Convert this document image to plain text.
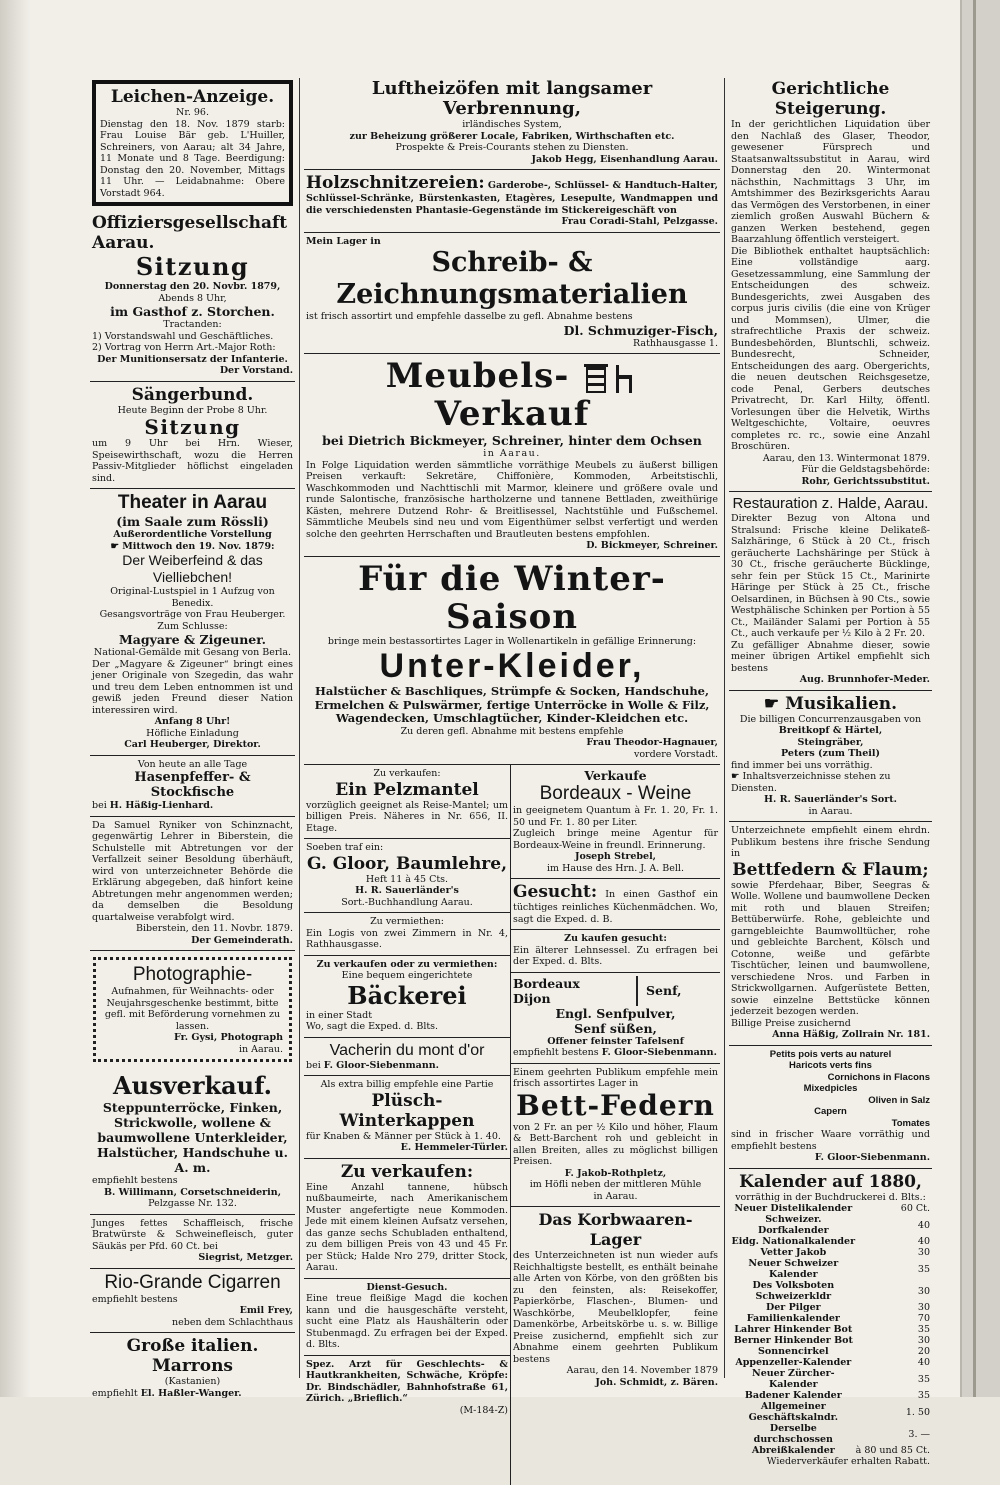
Leichen-Anzeige.

Nr. 96.

Dienstag den 18. Nov. 1879 starb: Frau Louise Bär geb. L'Huiller, Schreiners, von Aarau; alt 34 Jahre, 11 Monate und 8 Tage. Beerdigung: Donstag den 20. November, Mittags 11 Uhr. — Leidabnahme: Obere Vorstadt 964.

Offiziersgesellschaft Aarau.

Sitzung

Donnerstag den 20. Novbr. 1879,

Abends 8 Uhr,

im Gasthof z. Storchen.

Tractanden:

1) Vorstandswahl und Geschäftliches.

2) Vortrag von Herrn Art.-Major Roth:

Der Munitionsersatz der Infanterie.

Der Vorstand.

Sängerbund.

Heute Beginn der Probe 8 Uhr.

Sitzung

um 9 Uhr bei Hrn. Wieser, Speisewirthschaft, wozu die Herren Passiv-Mitglieder höflichst eingeladen sind.

Theater in Aarau

(im Saale zum Rössli)

Außerordentliche Vorstellung

☛ Mittwoch den 19. Nov. 1879:

Der Weiberfeind & das Vielliebchen!

Original-Lustspiel in 1 Aufzug von Benedix.

Gesangsvorträge von Frau Heuberger.

Zum Schlusse:

Magyare & Zigeuner.

National-Gemälde mit Gesang von Berla.

Der „Magyare & Zigeuner“ bringt eines jener Originale von Szegedin, das wahr und treu dem Leben entnommen ist und gewiß jeden Freund dieser Nation interessiren wird.

Anfang 8 Uhr!

Höfliche Einladung

Carl Heuberger, Direktor.

Von heute an alle Tage

Hasenpfeffer- & Stockfische

bei H. Häßig-Lienhard.

Da Samuel Ryniker von Schinznacht, gegenwärtig Lehrer in Biberstein, die Schulstelle mit Abtretungen vor der Verfallzeit seiner Besoldung überhäuft, wird von unterzeichneter Behörde die Erklärung abgegeben, daß hinfort keine Abtretungen mehr angenommen werden; da demselben die Besoldung quartalweise verabfolgt wird.

Biberstein, den 11. Novbr. 1879.

Der Gemeinderath.

Photographie-

Aufnahmen, für Weihnachts- oder Neujahrsgeschenke bestimmt, bitte gefl. mit Beförderung vornehmen zu lassen.

Fr. Gysi, Photograph

in Aarau.

Ausverkauf.

Steppunterröcke, Finken, Strickwolle, wollene & baumwollene Unterkleider, Halstücher, Handschuhe u. A. m.

empfiehlt bestens

B. Willimann, Corsetschneiderin,

Pelzgasse Nr. 132.

Junges fettes Schaffleisch, frische Bratwürste & Schweinefleisch, guter Säukäs per Pfd. 60 Ct. bei

Siegrist, Metzger.

Rio-Grande Cigarren

empfiehlt bestens

Emil Frey,

neben dem Schlachthaus

Große italien. Marrons

(Kastanien)

empfiehlt El. Haßler-Wanger.

Luftheizöfen mit langsamer Verbrennung,

irländisches System,

zur Beheizung größerer Locale, Fabriken, Wirthschaften etc.

Prospekte & Preis-Courants stehen zu Diensten.

Jakob Hegg, Eisenhandlung Aarau.

Holzschnitzereien: Garderobe-, Schlüssel- & Handtuch-Halter, Schlüssel-Schränke, Bürstenkasten, Etagères, Lesepulte, Wandmappen und die verschiedensten Phantasie-Gegenstände im Stickereigeschäft von

Frau Coradi-Stahl, Pelzgasse.

Mein Lager in

Schreib- & Zeichnungsmaterialien

ist frisch assortirt und empfehle dasselbe zu gefl. Abnahme bestens

Dl. Schmuziger-Fisch,

Rathhausgasse 1.

Meubels-  Verkauf

bei Dietrich Bickmeyer, Schreiner, hinter dem Ochsen

in Aarau.

In Folge Liquidation werden sämmtliche vorräthige Meubels zu äußerst billigen Preisen verkauft: Sekretäre, Chiffonière, Kommoden, Arbeitstischli, Waschkommoden und Nachttischli mit Marmor, kleinere und größere ovale und runde Salontische, französische hartholzerne und tannene Bettladen, zweithürige Kästen, mehrere Dutzend Rohr- & Breitlisessel, Nachtstühle und Fußschemel. Sämmtliche Meubels sind neu und vom Eigenthümer selbst verfertigt und werden solche den geehrten Herrschaften und Brautleuten bestens empfohlen.

D. Bickmeyer, Schreiner.

Für die Winter-Saison

bringe mein bestassortirtes Lager in Wollenartikeln in gefällige Erinnerung:

Unter-Kleider,

Halstücher & Baschliques, Strümpfe & Socken, Handschuhe, Ermelchen & Pulswärmer, fertige Unterröcke in Wolle & Filz, Wagendecken, Umschlagtücher, Kinder-Kleidchen etc.

Zu deren gefl. Abnahme mit bestens empfehle

Frau Theodor-Hagnauer,

vordere Vorstadt.

Zu verkaufen:

Ein Pelzmantel

vorzüglich geeignet als Reise-Mantel; um billigen Preis. Näheres in Nr. 656, II. Etage.

Soeben traf ein:

G. Gloor, Baumlehre,

Heft 11 à 45 Cts.

H. R. Sauerländer's

Sort.-Buchhandlung Aarau.

Zu vermiethen:

Ein Logis von zwei Zimmern in Nr. 4, Rathhausgasse.

Zu verkaufen oder zu vermiethen:

Eine bequem eingerichtete

Bäckerei

in einer Stadt

Wo, sagt die Exped. d. Blts.

Vacherin du mont d'or

bei F. Gloor-Siebenmann.

Als extra billig empfehle eine Partie

Plüsch-Winterkappen

für Knaben & Männer per Stück à 1. 40.

E. Hemmeler-Türler.

Zu verkaufen:

Eine Anzahl tannene, hübsch nußbaumeirte, nach Amerikanischem Muster angefertigte neue Kommoden. Jede mit einem kleinen Aufsatz versehen, das ganze sechs Schubladen enthaltend, zu dem billigen Preis von 43 und 45 Fr. per Stück; Halde Nro 279, dritter Stock, Aarau.

Dienst-Gesuch.

Eine treue fleißige Magd die kochen kann und die hausgeschäfte versteht, sucht eine Platz als Haushälterin oder Stubenmagd. Zu erfragen bei der Exped. d. Blts.

Spez. Arzt für Geschlechts- & Hautkrankheiten, Schwäche, Kröpfe: Dr. Bindschädler, Bahnhofstraße 61, Zürich. „Brieflich.“

(M-184-Z)

Verkaufe

Bordeaux - Weine

in geeignetem Quantum à Fr. 1. 20, Fr. 1. 50 und Fr. 1. 80 per Liter.

Zugleich bringe meine Agentur für Bordeaux-Weine in freundl. Erinnerung.

Joseph Strebel,

im Hause des Hrn. J. A. Bell.

Gesucht: In einen Gasthof ein tüchtiges reinliches Küchenmädchen. Wo, sagt die Exped. d. B.

Zu kaufen gesucht:

Ein älterer Lehnsessel. Zu erfragen bei der Exped. d. Blts.

Bordeaux

Dijon	Senf,

Engl. Senfpulver,

Senf süßen,

Offener feinster Tafelsenf

empfiehlt bestens F. Gloor-Siebenmann.

Einem geehrten Publikum empfehle mein frisch assortirtes Lager in

Bett-Federn

von 2 Fr. an per ½ Kilo und höher, Flaum & Bett-Barchent roh und gebleicht in allen Breiten, alles zu möglichst billigen Preisen.

F. Jakob-Rothpletz,

im Höfli neben der mittleren Mühle

in Aarau.

Das Korbwaaren-Lager

des Unterzeichneten ist nun wieder aufs Reichhaltigste bestellt, es enthält beinahe alle Arten von Körbe, von den größten bis zu den feinsten, als: Reisekoffer, Papierkörbe, Flaschen-, Blumen- und Waschkörbe, Meubelklopfer, feine Damenkörbe, Arbeitskörbe u. s. w. Billige Preise zusichernd, empfiehlt sich zur Abnahme einem geehrten Publikum bestens

Aarau, den 14. November 1879

Joh. Schmidt, z. Bären.

Gerichtliche Steigerung.

In der gerichtlichen Liquidation über den Nachlaß des Glaser, Theodor, gewesener Fürsprech und Staatsanwaltssubstitut in Aarau, wird Donnerstag den 20. Wintermonat nächsthin, Nachmittags 3 Uhr, im Amtshimmer des Bezirksgerichts Aarau das Vermögen des Verstorbenen, in einer ziemlich großen Auswahl Büchern & ganzen Werken bestehend, gegen Baarzahlung öffentlich versteigert.

Die Bibliothek enthaltet hauptsächlich: Eine vollständige aarg. Gesetzessammlung, eine Sammlung der Entscheidungen des schweiz. Bundesgerichts, zwei Ausgaben des corpus juris civilis (die eine von Krüger und Mommsen), Ulmer, die strafrechtliche Praxis der schweiz. Bundesbehörden, Bluntschli, schweiz. Bundesrecht, Schneider, Entscheidungen des aarg. Obergerichts, die neuen deutschen Reichsgesetze, code Penal, Gerbers deutsches Privatrecht, Dr. Karl Hilty, öffentl. Vorlesungen über die Helvetik, Wirths Weltgeschichte, Voltaire, oeuvres completes rc. rc., sowie eine Anzahl Broschüren.

Aarau, den 13. Wintermonat 1879.

Für die Geldstagsbehörde:

Rohr, Gerichtssubstitut.

Restauration z. Halde, Aarau.

Direkter Bezug von Altona und Stralsund: Frische kleine Delikateß-Salzhäringe, 6 Stück à 20 Ct., frisch geräucherte Lachshäringe per Stück à 30 Ct., frische geräucherte Bücklinge, sehr fein per Stück 15 Ct., Marinirte Häringe per Stück à 25 Ct., frische Oelsardinen, in Büchsen à 90 Cts., sowie Westphälische Schinken per Portion à 55 Ct., Mailänder Salami per Portion à 55 Ct., auch verkaufe per ½ Kilo à 2 Fr. 20.

Zu gefälliger Abnahme dieser, sowie meiner übrigen Artikel empfiehlt sich bestens

Aug. Brunnhofer-Meder.

☛ Musikalien.

Die billigen Concurrenzausgaben von

Breitkopf & Härtel,

Steingräber,

Peters (zum Theil)

find immer bei uns vorräthig.

☛ Inhaltsverzeichnisse stehen zu Diensten.

H. R. Sauerländer's Sort.

in Aarau.

Unterzeichnete empfiehlt einem ehrdn. Publikum bestens ihre frische Sendung in

Bettfedern & Flaum;

sowie Pferdehaar, Biber, Seegras & Wolle. Wollene und baumwollene Decken mit roth und blauen Streifen; Bettüberwürfe. Rohe, gebleichte und garngebleichte Baumwolltücher, rohe und gebleichte Barchent, Kölsch und Cotonne, weiße und gefärbte Tischtücher, leinen und baumwollene, verschiedene Nros. und Farben in Strickwollgarnen. Aufgerüstete Betten, sowie einzelne Bettstücke können jederzeit bezogen werden.

Billige Preise zusichernd

Anna Häßig, Zollrain Nr. 181.

Petits pois verts au naturel

Haricots verts fins

Cornichons in Flacons

Mixedpicles

Oliven in Salz

Capern

Tomates

sind in frischer Waare vorräthig und empfiehlt bestens

F. Gloor-Siebenmann.

Kalender auf 1880,

vorräthig in der Buchdruckerei d. Blts.:

Neuer Distelikalender	60 Ct.
Schweizer. Dorfkalender	40
Eidg. Nationalkalender	40
Vetter Jakob	30
Neuer Schweizer Kalender	35
Des Volksboten Schweizerkldr	30
Der Pilger	30
Familienkalender	70
Lahrer Hinkender Bot	35
Berner Hinkender Bot	30
Sonnencirkel	20
Appenzeller-Kalender	40
Neuer Zürcher-Kalender	35
Badener Kalender	35
Allgemeiner Geschäftskalndr.	1. 50
Derselbe durchschossen	3. —
Abreißkalender	à 80 und 85 Ct.

Wiederverkäufer erhalten Rabatt.
